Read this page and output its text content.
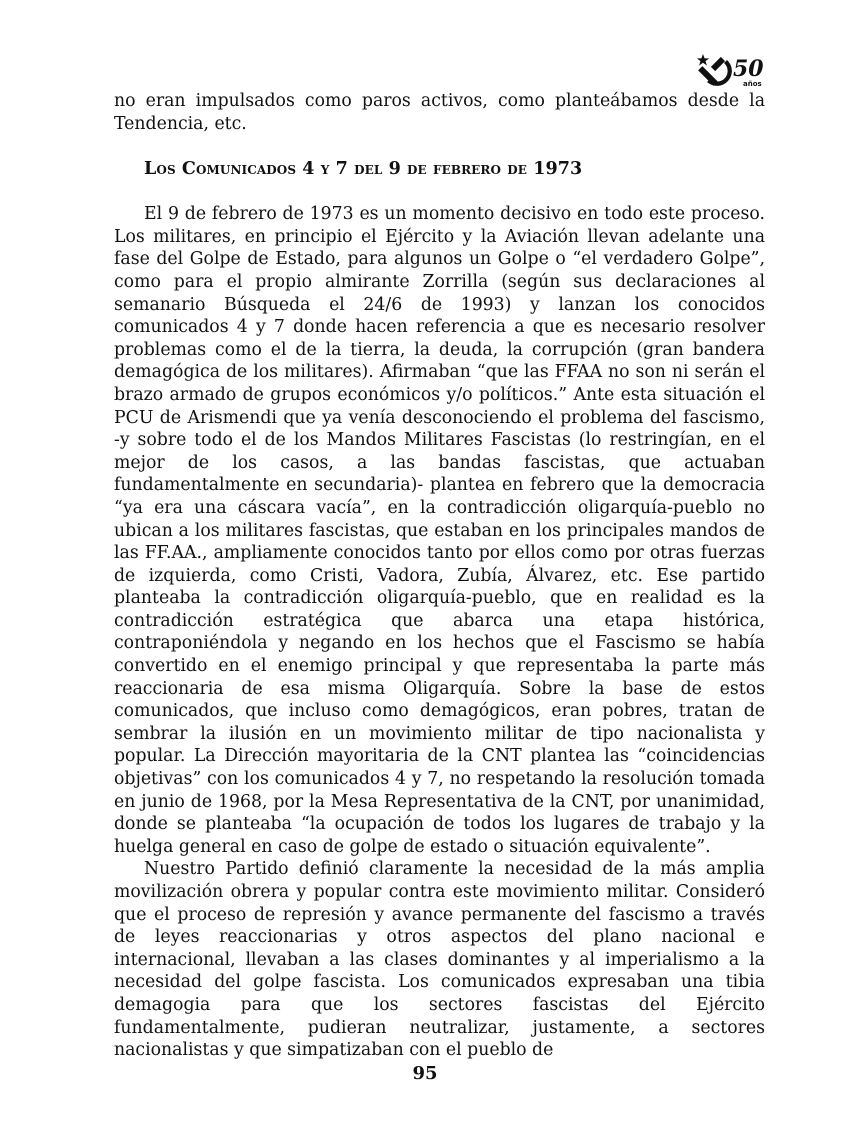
50
años

no eran impulsados como paros activos, como planteábamos desde la Tendencia, etc.

Los Comunicados 4 y 7 del 9 de febrero de 1973

El 9 de febrero de 1973 es un momento decisivo en todo este proceso. Los militares, en principio el Ejército y la Aviación llevan adelante una fase del Golpe de Estado, para algunos un Golpe o “el verdadero Golpe”, como para el propio almirante Zorrilla (según sus declaraciones al semanario Búsqueda el 24/6 de 1993) y lanzan los conocidos comunicados 4 y 7 donde hacen referencia a que es necesario resolver problemas como el de la tierra, la deuda, la corrupción (gran bandera demagógica de los militares). Afirmaban “que las FFAA no son ni serán el brazo armado de grupos económicos y/o políticos.” Ante esta situación el PCU de Arismendi que ya venía desconociendo el problema del fascismo, -y sobre todo el de los Mandos Militares Fascistas (lo restringían, en el mejor de los casos, a las bandas fascistas, que actuaban fundamentalmente en secundaria)- plantea en febrero que la democracia “ya era una cáscara vacía”, en la contradicción oligarquía-pueblo no ubican a los militares fascistas, que estaban en los principales mandos de las FF.AA., ampliamente conocidos tanto por ellos como por otras fuerzas de izquierda, como Cristi, Vadora, Zubía, Álvarez, etc. Ese partido planteaba la contradicción oligarquía-pueblo, que en realidad es la contradicción estratégica que abarca una etapa histórica, contraponiéndola y negando en los hechos que el Fascismo se había convertido en el enemigo principal y que representaba la parte más reaccionaria de esa misma Oligarquía. Sobre la base de estos comunicados, que incluso como demagógicos, eran pobres, tratan de sembrar la ilusión en un movimiento militar de tipo nacionalista y popular. La Dirección mayoritaria de la CNT plantea las “coincidencias objetivas” con los comunicados 4 y 7, no respetando la resolución tomada en junio de 1968, por la Mesa Representativa de la CNT, por unanimidad, donde se planteaba “la ocupación de todos los lugares de trabajo y la huelga general en caso de golpe de estado o situación equivalente”.

Nuestro Partido definió claramente la necesidad de la más amplia movilización obrera y popular contra este movimiento militar. Consideró que el proceso de represión y avance permanente del fascismo a través de leyes reaccionarias y otros aspectos del plano nacional e internacional, llevaban a las clases dominantes y al imperialismo a la necesidad del golpe fascista. Los comunicados expresaban una tibia demagogia para que los sectores fascistas del Ejército fundamentalmente, pudieran neutralizar, justamente, a sectores nacionalistas y que simpatizaban con el pueblo de

95
